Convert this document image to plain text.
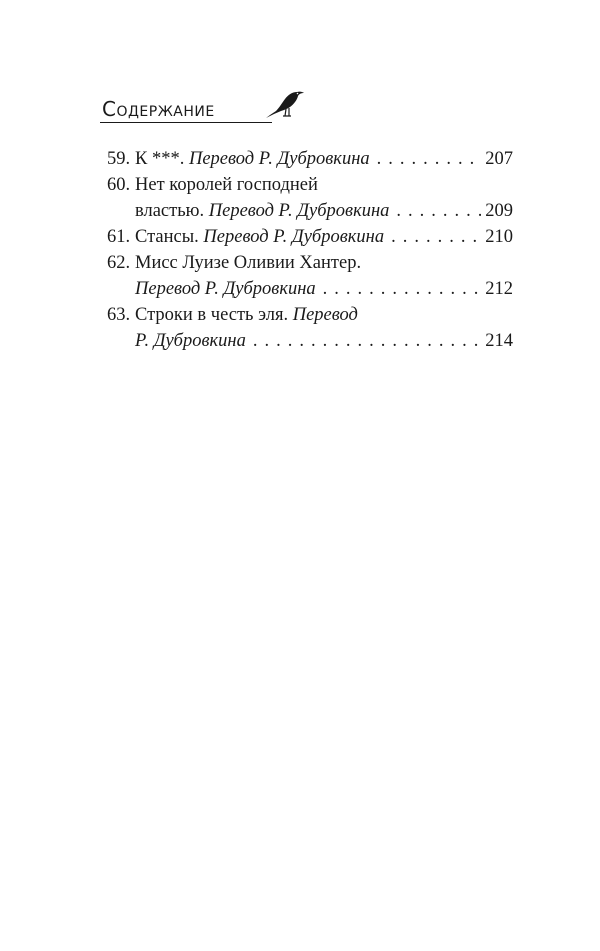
Содержание
59. К ***. Перевод Р. Дубровкина .....	207
60. Нет королей господней
властью. Перевод Р. Дубровкина .....	209
61. Стансы. Перевод Р. Дубровкина .....	210
62. Мисс Луизе Оливии Хантер.
Перевод Р. Дубровкина .....	212
63. Строки в честь эля. Перевод
Р. Дубровкина .....	214
